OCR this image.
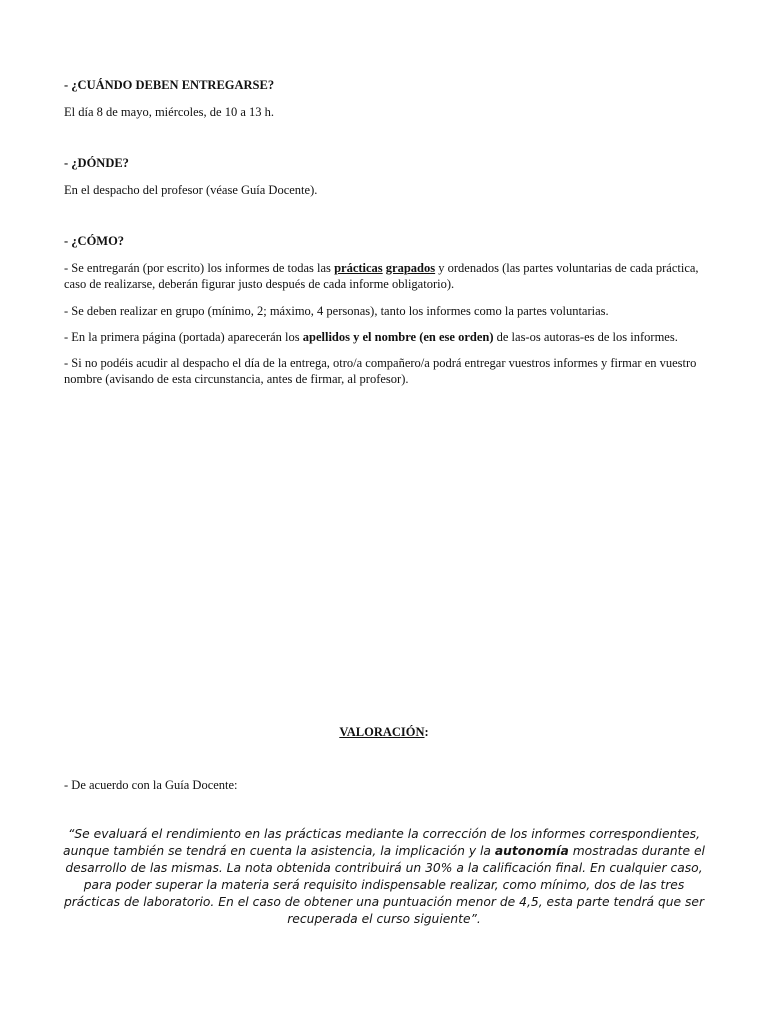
- ¿CUÁNDO DEBEN ENTREGARSE?

El día 8 de mayo, miércoles, de 10 a 13 h.

- ¿DÓNDE?

En el despacho del profesor (véase Guía Docente).

- ¿CÓMO?

- Se entregarán (por escrito) los informes de todas las prácticas grapados y ordenados (las partes voluntarias de cada práctica, caso de realizarse, deberán figurar justo después de cada informe obligatorio).

- Se deben realizar en grupo (mínimo, 2; máximo, 4 personas), tanto los informes como la partes voluntarias.

- En la primera página (portada) aparecerán los apellidos y el nombre (en ese orden) de las-os autoras-es de los informes.

- Si no podéis acudir al despacho el día de la entrega, otro/a compañero/a podrá entregar vuestros informes y firmar en vuestro nombre (avisando de esta circunstancia, antes de firmar, al profesor).

VALORACIÓN:

- De acuerdo con la Guía Docente:

“Se evaluará el rendimiento en las prácticas mediante la corrección de los informes correspondientes, aunque también se tendrá en cuenta la asistencia, la implicación y la autonomía mostradas durante el desarrollo de las mismas. La nota obtenida contribuirá un 30% a la calificación final. En cualquier caso, para poder superar la materia será requisito indispensable realizar, como mínimo, dos de las tres prácticas de laboratorio. En el caso de obtener una puntuación menor de 4,5, esta parte tendrá que ser recuperada el curso siguiente”.
